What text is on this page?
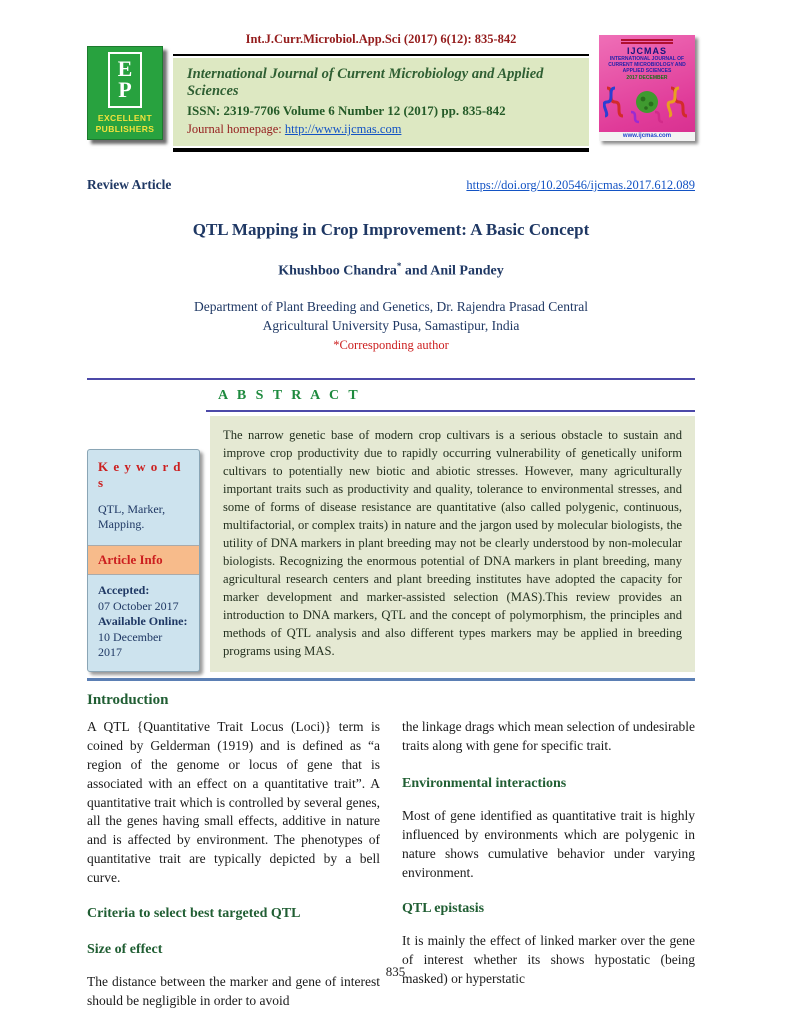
E
P
EXCELLENT
PUBLISHERS
Int.J.Curr.Microbiol.App.Sci (2017) 6(12): 835-842
International Journal of Current Microbiology and Applied Sciences
ISSN: 2319-7706 Volume 6 Number 12 (2017) pp. 835-842
Journal homepage: http://www.ijcmas.com
IJCMAS
INTERNATIONAL JOURNAL OF CURRENT MICROBIOLOGY AND APPLIED SCIENCES
2017 DECEMBER
www.ijcmas.com
Review Article	https://doi.org/10.20546/ijcmas.2017.612.089
QTL Mapping in Crop Improvement: A Basic Concept
Khushboo Chandra* and Anil Pandey
Department of Plant Breeding and Genetics, Dr. Rajendra Prasad Central
Agricultural University Pusa, Samastipur, India
*Corresponding author
A B S T R A C T
K e y w o r d s
QTL, Marker, Mapping.
Article Info
Accepted:
07 October 2017
Available Online:
10 December 2017
The narrow genetic base of modern crop cultivars is a serious obstacle to sustain and improve crop productivity due to rapidly occurring vulnerability of genetically uniform cultivars to potentially new biotic and abiotic stresses. However, many agriculturally important traits such as productivity and quality, tolerance to environmental stresses, and some of forms of disease resistance are quantitative (also called polygenic, continuous, multifactorial, or complex traits) in nature and the jargon used by molecular biologists, the utility of DNA markers in plant breeding may not be clearly understood by non-molecular biologists. Recognizing the enormous potential of DNA markers in plant breeding, many agricultural research centers and plant breeding institutes have adopted the capacity for marker development and marker-assisted selection (MAS).This review provides an introduction to DNA markers, QTL and the concept of polymorphism, the principles and methods of QTL analysis and also different types markers may be applied in breeding programs using MAS.
Introduction

A QTL {Quantitative Trait Locus (Loci)} term is coined by Gelderman (1919) and is defined as “a region of the genome or locus of gene that is associated with an effect on a quantitative trait”. A quantitative trait which is controlled by several genes, all the genes having small effects, additive in nature and is affected by environment. The phenotypes of quantitative trait are typically depicted by a bell curve.

Criteria to select best targeted QTL
Size of effect

The distance between the marker and gene of interest should be negligible in order to avoid

the linkage drags which mean selection of undesirable traits along with gene for specific trait.

Environmental interactions

Most of gene identified as quantitative trait is highly influenced by environments which are polygenic in nature shows cumulative behavior under varying environment.

QTL epistasis

It is mainly the effect of linked marker over the gene of interest whether its shows hypostatic (being masked) or hyperstatic

835
